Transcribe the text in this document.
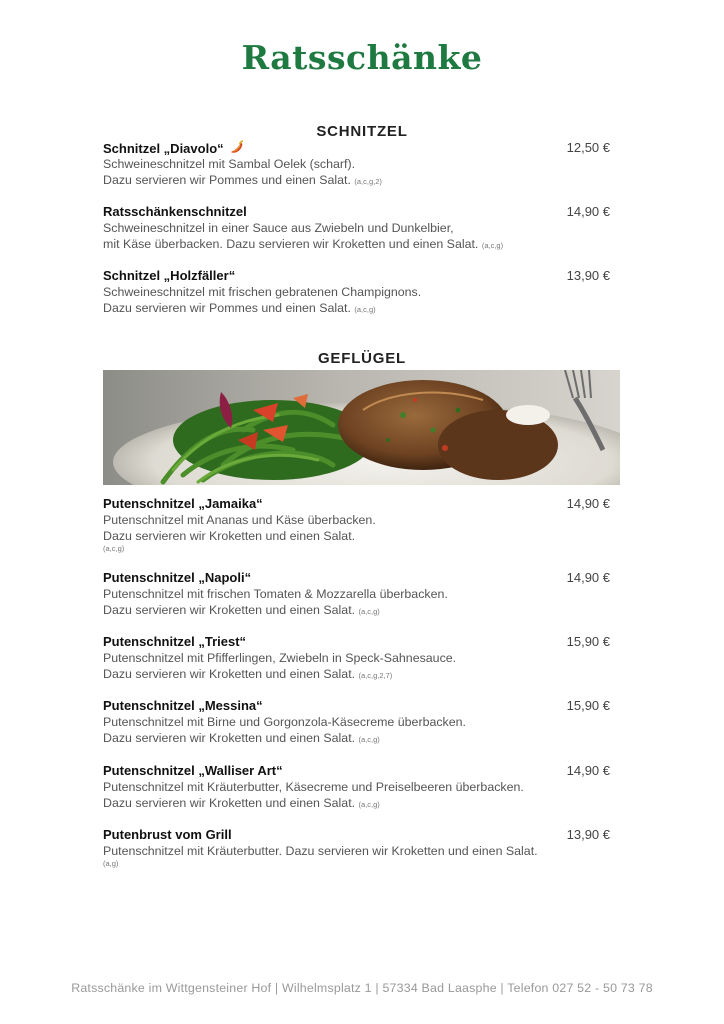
Ratsschänke
SCHNITZEL
Schnitzel „Diavolo“	12,50 €
Schweineschnitzel mit Sambal Oelek (scharf).
Dazu servieren wir Pommes und einen Salat. (a,c,g,2)
Ratsschänkenschnitzel	14,90 €
Schweineschnitzel in einer Sauce aus Zwiebeln und Dunkelbier,
mit Käse überbacken. Dazu servieren wir Kroketten und einen Salat. (a,c,g)
Schnitzel „Holzfäller“	13,90 €
Schweineschnitzel mit frischen gebratenen Champignons.
Dazu servieren wir Pommes und einen Salat. (a,c,g)
GEFLÜGEL
Putenschnitzel „Jamaika“	14,90 €
Putenschnitzel mit Ananas und Käse überbacken.
Dazu servieren wir Kroketten und einen Salat.
(a,c,g)
Putenschnitzel „Napoli“	14,90 €
Putenschnitzel mit frischen Tomaten & Mozzarella überbacken.
Dazu servieren wir Kroketten und einen Salat. (a,c,g)
Putenschnitzel „Triest“	15,90 €
Putenschnitzel mit Pfifferlingen, Zwiebeln in Speck-Sahnesauce.
Dazu servieren wir Kroketten und einen Salat. (a,c,g,2,7)
Putenschnitzel „Messina“	15,90 €
Putenschnitzel mit Birne und Gorgonzola-Käsecreme überbacken.
Dazu servieren wir Kroketten und einen Salat. (a,c,g)
Putenschnitzel „Walliser Art“	14,90 €
Putenschnitzel mit Kräuterbutter, Käsecreme und Preiselbeeren überbacken.
Dazu servieren wir Kroketten und einen Salat. (a,c,g)
Putenbrust vom Grill	13,90 €
Putenschnitzel mit Kräuterbutter. Dazu servieren wir Kroketten und einen Salat.
(a,g)
Ratsschänke im Wittgensteiner Hof | Wilhelmsplatz 1 | 57334 Bad Laasphe | Telefon 027 52 - 50 73 78
